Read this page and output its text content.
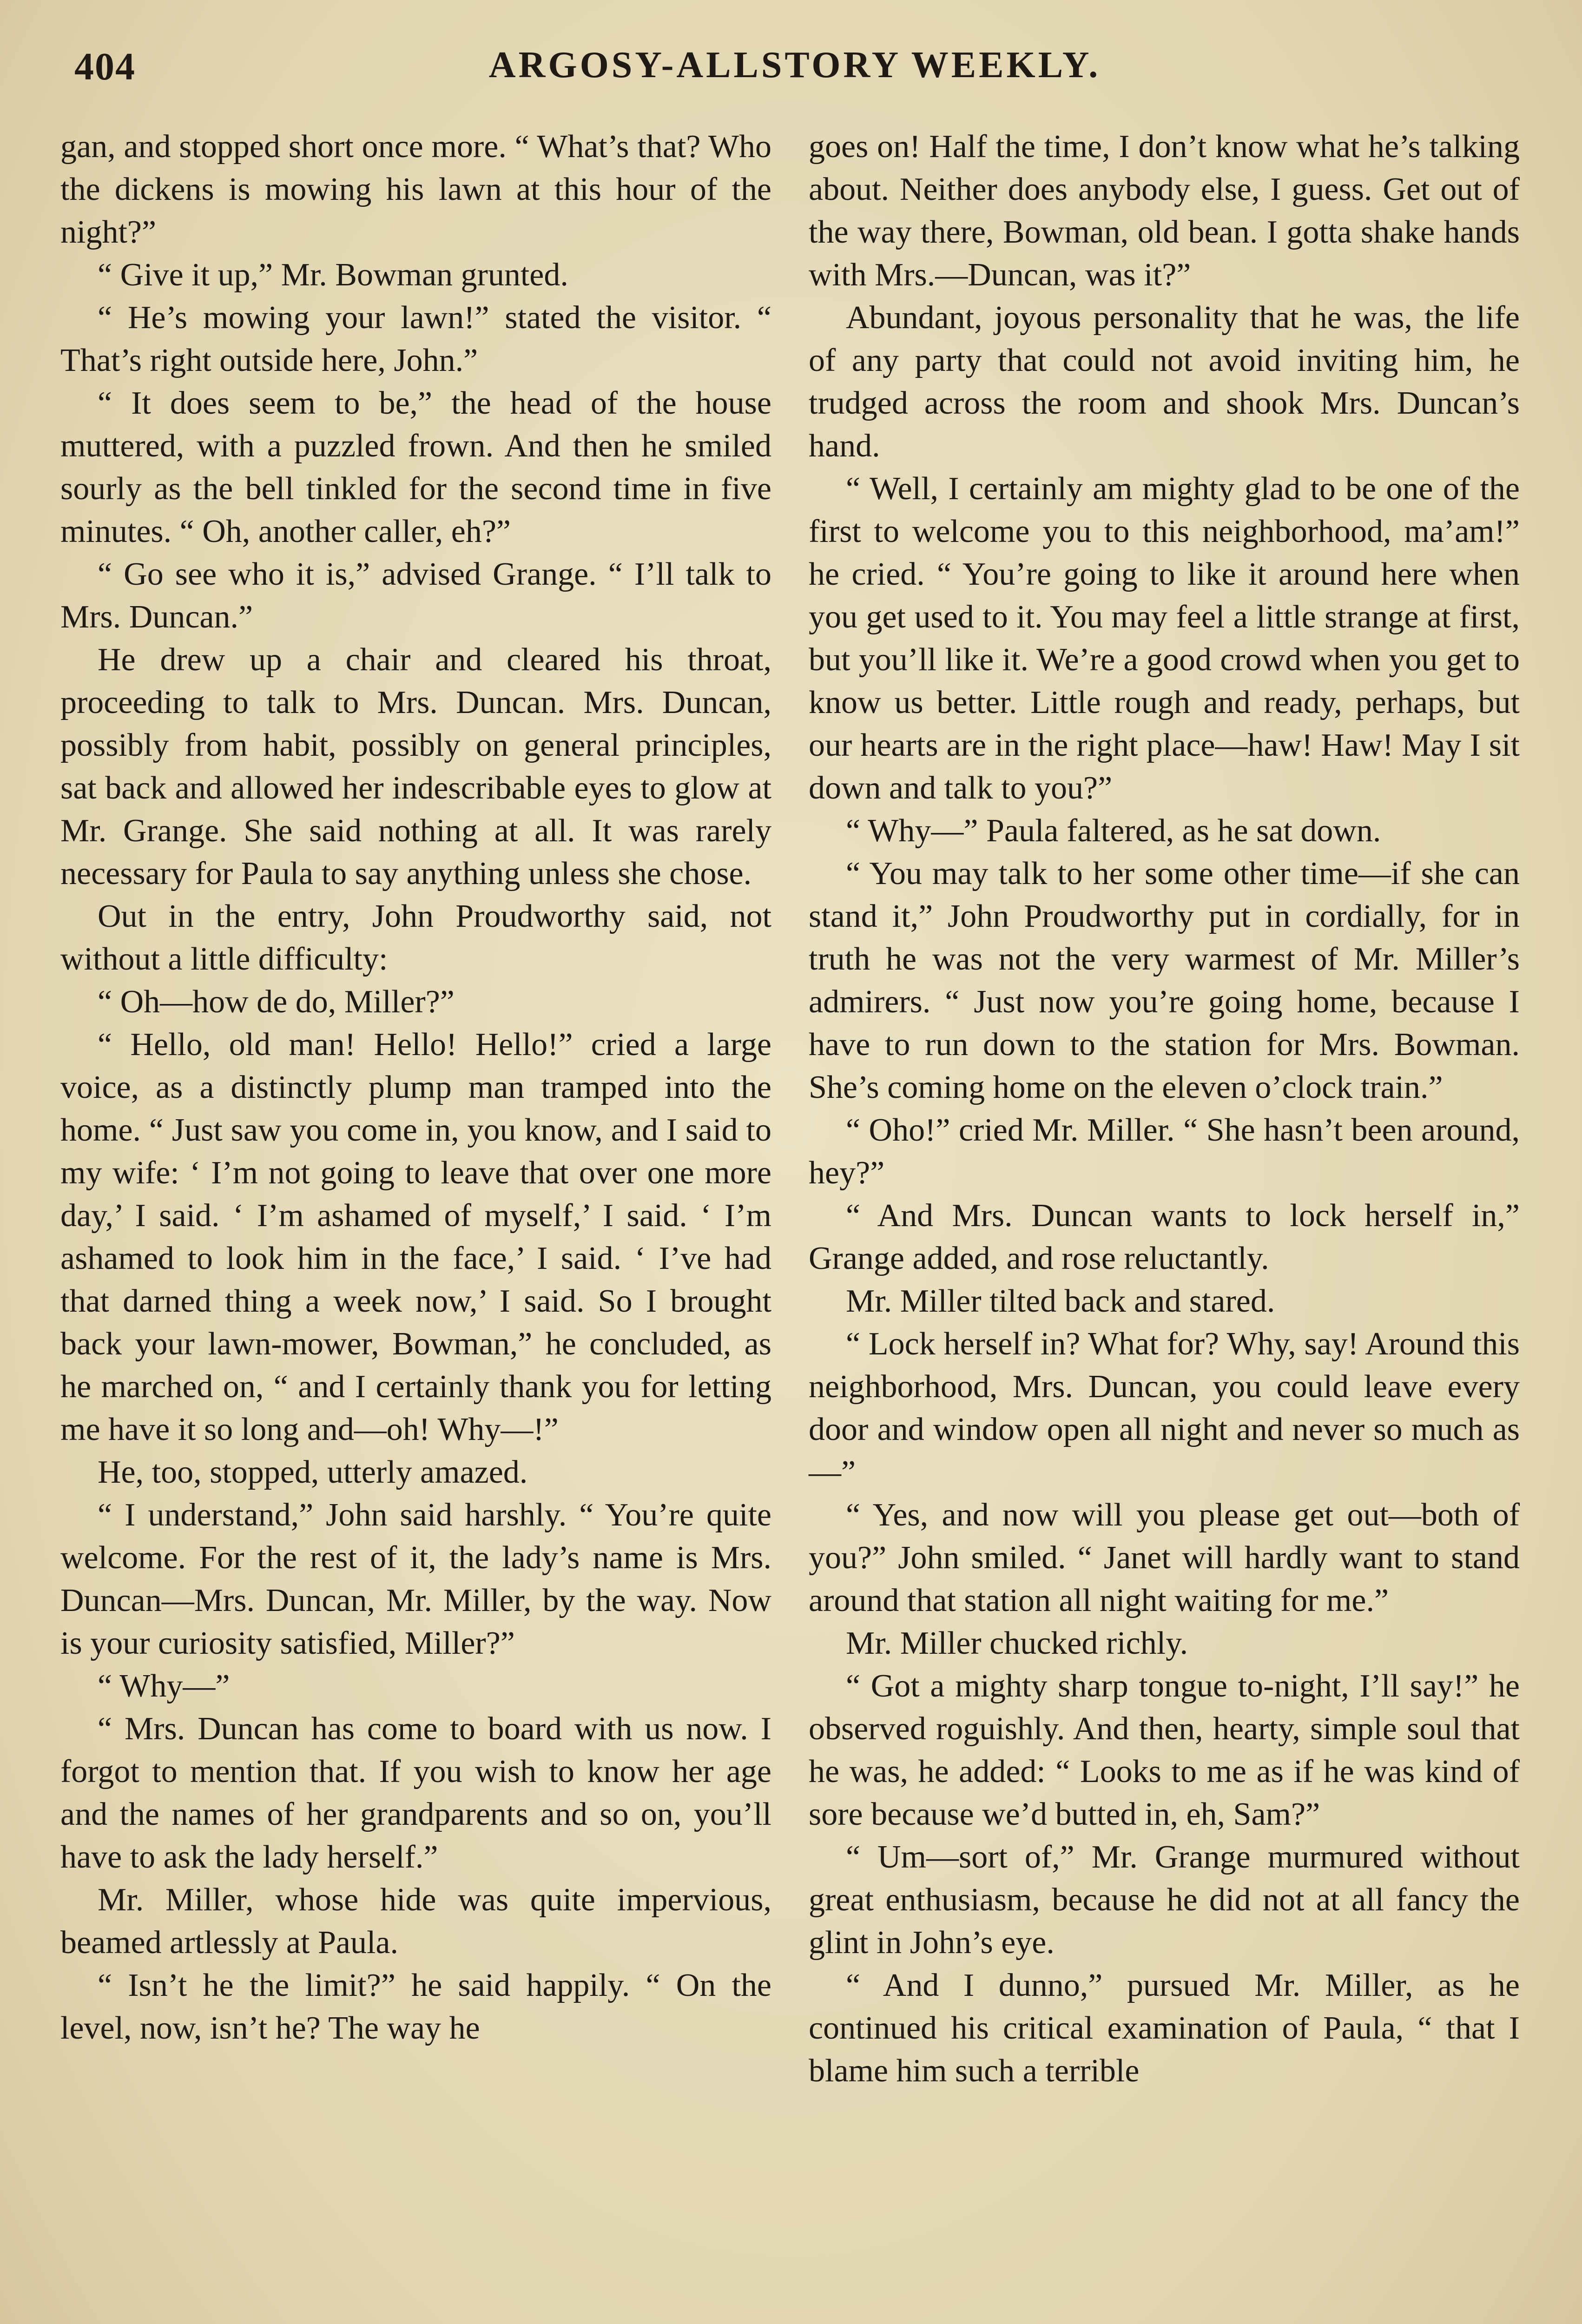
404	ARGOSY-ALLSTORY WEEKLY.

gan, and stopped short once more. “ What’s that? Who the dickens is mowing his lawn at this hour of the night?”

“ Give it up,” Mr. Bowman grunted.

“ He’s mowing your lawn!” stated the visitor. “ That’s right outside here, John.”

“ It does seem to be,” the head of the house muttered, with a puzzled frown. And then he smiled sourly as the bell tinkled for the second time in five minutes. “ Oh, another caller, eh?”

“ Go see who it is,” advised Grange. “ I’ll talk to Mrs. Duncan.”

He drew up a chair and cleared his throat, proceeding to talk to Mrs. Duncan. Mrs. Duncan, possibly from habit, possibly on general principles, sat back and allowed her indescribable eyes to glow at Mr. Grange. She said nothing at all. It was rarely necessary for Paula to say anything unless she chose.

Out in the entry, John Proudworthy said, not without a little difficulty:

“ Oh—how de do, Miller?”

“ Hello, old man! Hello! Hello!” cried a large voice, as a distinctly plump man tramped into the home. “ Just saw you come in, you know, and I said to my wife: ‘ I’m not going to leave that over one more day,’ I said. ‘ I’m ashamed of myself,’ I said. ‘ I’m ashamed to look him in the face,’ I said. ‘ I’ve had that darned thing a week now,’ I said. So I brought back your lawn-mower, Bowman,” he concluded, as he marched on, “ and I certainly thank you for letting me have it so long and—oh! Why—!”

He, too, stopped, utterly amazed.

“ I understand,” John said harshly. “ You’re quite welcome. For the rest of it, the lady’s name is Mrs. Duncan—Mrs. Duncan, Mr. Miller, by the way. Now is your curiosity satisfied, Miller?”

“ Why—”

“ Mrs. Duncan has come to board with us now. I forgot to mention that. If you wish to know her age and the names of her grandparents and so on, you’ll have to ask the lady herself.”

Mr. Miller, whose hide was quite impervious, beamed artlessly at Paula.

“ Isn’t he the limit?” he said happily. “ On the level, now, isn’t he? The way he

goes on! Half the time, I don’t know what he’s talking about. Neither does anybody else, I guess. Get out of the way there, Bowman, old bean. I gotta shake hands with Mrs.—Duncan, was it?”

Abundant, joyous personality that he was, the life of any party that could not avoid inviting him, he trudged across the room and shook Mrs. Duncan’s hand.

“ Well, I certainly am mighty glad to be one of the first to welcome you to this neighborhood, ma’am!” he cried. “ You’re going to like it around here when you get used to it. You may feel a little strange at first, but you’ll like it. We’re a good crowd when you get to know us better. Little rough and ready, perhaps, but our hearts are in the right place—haw! Haw! May I sit down and talk to you?”

“ Why—” Paula faltered, as he sat down.

“ You may talk to her some other time—if she can stand it,” John Proudworthy put in cordially, for in truth he was not the very warmest of Mr. Miller’s admirers. “ Just now you’re going home, because I have to run down to the station for Mrs. Bowman. She’s coming home on the eleven o’clock train.”

“ Oho!” cried Mr. Miller. “ She hasn’t been around, hey?”

“ And Mrs. Duncan wants to lock herself in,” Grange added, and rose reluctantly.

Mr. Miller tilted back and stared.

“ Lock herself in? What for? Why, say! Around this neighborhood, Mrs. Duncan, you could leave every door and window open all night and never so much as—”

“ Yes, and now will you please get out—both of you?” John smiled. “ Janet will hardly want to stand around that station all night waiting for me.”

Mr. Miller chucked richly.

“ Got a mighty sharp tongue to-night, I’ll say!” he observed roguishly. And then, hearty, simple soul that he was, he added: “ Looks to me as if he was kind of sore because we’d butted in, eh, Sam?”

“ Um—sort of,” Mr. Grange murmured without great enthusiasm, because he did not at all fancy the glint in John’s eye.

“ And I dunno,” pursued Mr. Miller, as he continued his critical examination of Paula, “ that I blame him such a terrible
